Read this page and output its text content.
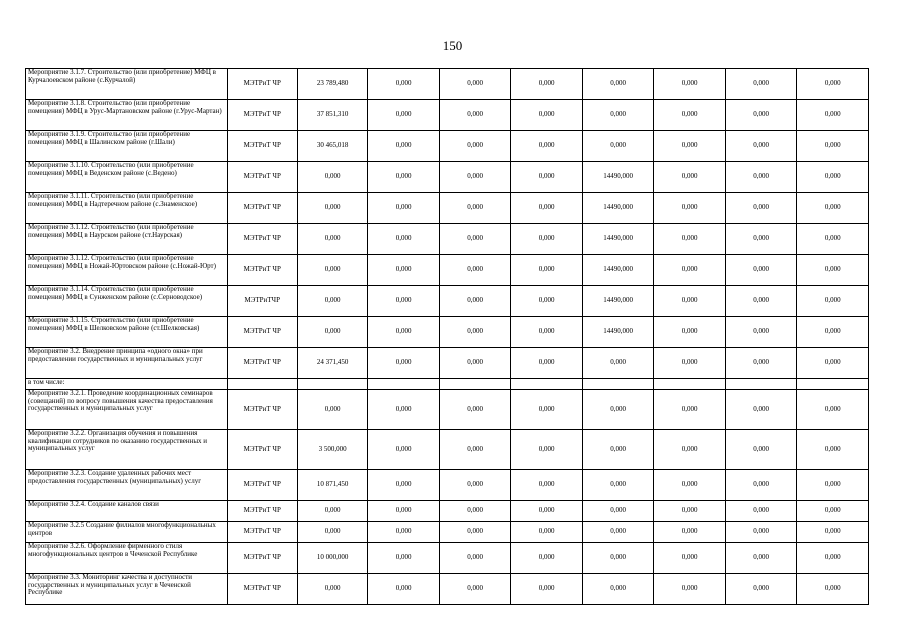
150
Мероприятие 3.1.7. Строительство (или приобретение) МФЦ в Курчалоевском районе (с.Курчалой)	МЭТРиТ ЧР	23 789,480	0,000	0,000	0,000	0,000	0,000	0,000	0,000
Мероприятие 3.1.8. Строительство (или приобретение помещения) МФЦ в Урус-Мартановском районе (г.Урус-Мартан)	МЭТРиТ ЧР	37 851,310	0,000	0,000	0,000	0,000	0,000	0,000	0,000
Мероприятие 3.1.9. Строительство (или приобретение помещения) МФЦ в Шалинском районе (г.Шали)	МЭТРиТ ЧР	30 465,018	0,000	0,000	0,000	0,000	0,000	0,000	0,000
Мероприятие 3.1.10. Строительство (или приобретение помещения) МФЦ в Веденском районе (с.Ведено)	МЭТРиТ ЧР	0,000	0,000	0,000	0,000	14490,000	0,000	0,000	0,000
Мероприятие 3.1.11. Строительство (или приобретение помещения) МФЦ в Надтеречном районе (с.Знаменское)	МЭТРиТ ЧР	0,000	0,000	0,000	0,000	14490,000	0,000	0,000	0,000
Мероприятие 3.1.12. Строительство (или приобретение помещения) МФЦ в Наурском районе (ст.Наурская)	МЭТРиТ ЧР	0,000	0,000	0,000	0,000	14490,000	0,000	0,000	0,000
Мероприятие 3.1.12. Строительство (или приобретение помещения) МФЦ в Ножай-Юртовском районе (с.Ножай-Юрт)	МЭТРиТ ЧР	0,000	0,000	0,000	0,000	14490,000	0,000	0,000	0,000
Мероприятие 3.1.14. Строительство (или приобретение помещения) МФЦ в Сунженском районе (с.Серноводское)	МЭТРиТЧР	0,000	0,000	0,000	0,000	14490,000	0,000	0,000	0,000
Мероприятие 3.1.15. Строительство (или приобретение помещения) МФЦ в Шелковском районе (ст.Шелковская)	МЭТРиТ ЧР	0,000	0,000	0,000	0,000	14490,000	0,000	0,000	0,000
Мероприятие 3.2. Внедрение принципа «одного окна» при предоставлении государственных и муниципальных услуг	МЭТРиТ ЧР	24 371,450	0,000	0,000	0,000	0,000	0,000	0,000	0,000
в том числе:									
Мероприятие 3.2.1. Проведение координационных семинаров (совещаний) по вопросу повышения качества предоставления государственных и муниципальных услуг	МЭТРиТ ЧР	0,000	0,000	0,000	0,000	0,000	0,000	0,000	0,000
Мероприятие 3.2.2. Организация обучения и повышения квалификации сотрудников по оказанию государственных и муниципальных услуг	МЭТРиТ ЧР	3 500,000	0,000	0,000	0,000	0,000	0,000	0,000	0,000
Мероприятие 3.2.3. Создание удаленных рабочих мест предоставления государственных (муниципальных) услуг	МЭТРиТ ЧР	10 871,450	0,000	0,000	0,000	0,000	0,000	0,000	0,000
Мероприятие 3.2.4. Создание каналов связи	МЭТРиТ ЧР	0,000	0,000	0,000	0,000	0,000	0,000	0,000	0,000
Мероприятие 3.2.5 Создание филиалов многофункциональных центров	МЭТРиТ ЧР	0,000	0,000	0,000	0,000	0,000	0,000	0,000	0,000
Мероприятие 3.2.6. Оформление фирменного стиля многофункциональных центров в Чеченской Республике	МЭТРиТ ЧР	10 000,000	0,000	0,000	0,000	0,000	0,000	0,000	0,000
Мероприятие 3.3. Мониторинг качества и доступности государственных и муниципальных услуг в Чеченской Республике	МЭТРиТ ЧР	0,000	0,000	0,000	0,000	0,000	0,000	0,000	0,000
